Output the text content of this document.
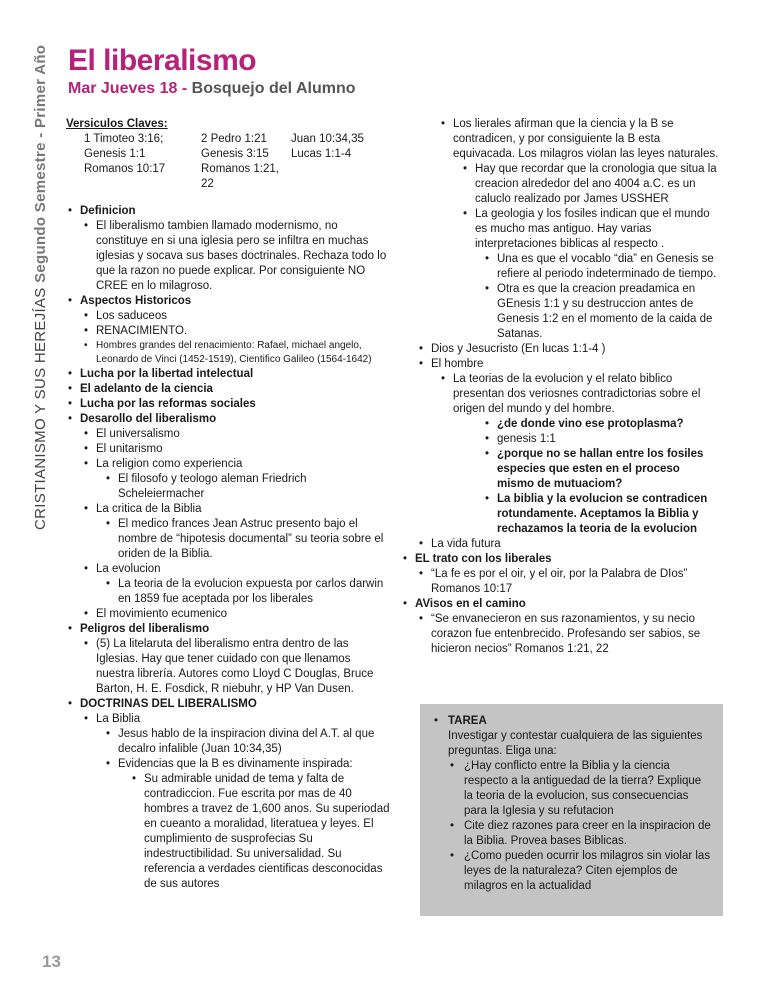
CRISTIANISMO Y SUS HEREJÍAS Segundo Semestre - Primer Año El liberalismo
Mar Jueves 18 - Bosquejo del Alumno
Versiculos Claves:
1 Timoteo 3:16;	2 Pedro 1:21	Juan 10:34,35
Genesis 1:1	Genesis 3:15	Lucas 1:1-4
Romanos 10:17	Romanos 1:21, 22
• Definicion
• El liberalismo tambien llamado modernismo, no constituye en si una iglesia pero se infiltra en muchas iglesias y socava sus bases doctrinales. Rechaza todo lo que la razon no puede explicar. Por consiguiente NO CREE en lo milagroso.
• Aspectos Historicos
• Los saduceos
• RENACIMIENTO.
• Hombres grandes del renacimiento: Rafael, michael angelo, Leonardo de Vinci (1452-1519), Cientifico Galileo (1564-1642)
• Lucha por la libertad intelectual
• El adelanto de la ciencia
• Lucha por las reformas sociales
• Desarollo del liberalismo
• El universalismo
• El unitarismo
• La religion como experiencia
• El filosofo y teologo aleman Friedrich Scheleiermacher
• La critica de la Biblia
• El medico frances Jean Astruc presento bajo el nombre de “hipotesis documental” su teoria sobre el oriden de la Biblia.
• La evolucion
• La teoria de la evolucion expuesta por carlos darwin en 1859 fue aceptada por los liberales
• El movimiento ecumenico
• Peligros del liberalismo
• (5) La litelaruta del liberalismo entra dentro de las Iglesias. Hay que tener cuidado con que llenamos nuestra librería. Autores como Lloyd C Douglas, Bruce Barton, H. E. Fosdick, R niebuhr, y HP Van Dusen.
• DOCTRINAS DEL LIBERALISMO
• La Biblia
• Jesus hablo de la inspiracion divina del A.T. al que decalro infalible (Juan 10:34,35)
• Evidencias que la B es divinamente inspirada:
• Su admirable unidad de tema y falta de contradiccion. Fue escrita por mas de 40 hombres a travez de 1,600 anos. Su superiodad en cueanto a moralidad, literatuea y leyes. El cumplimiento de susprofecias Su indestructibilidad. Su universalidad. Su referencia a verdades cientificas desconocidas de sus autores
• Los lierales afirman que la ciencia y la B se contradicen, y por consiguiente la B esta equivacada. Los milagros violan las leyes naturales.
• Hay que recordar que la cronologia que situa la creacion alrededor del ano 4004 a.C. es un caluclo realizado por James USSHER
• La geologia y los fosiles indican que el mundo es mucho mas antiguo. Hay varias interpretaciones biblicas al respecto .
• Una es que el vocablo “dia” en Genesis se refiere al periodo indeterminado de tiempo.
• Otra es que la creacion preadamica en GEnesis 1:1 y su destruccion antes de Genesis 1:2 en el momento de la caida de Satanas.
• Dios y Jesucristo (En lucas 1:1-4 )
• El hombre
• La teorias de la evolucion y el relato biblico presentan dos veriosnes contradictorias sobre el origen del mundo y del hombre.
• ¿de donde vino ese protoplasma?
• genesis 1:1
• ¿porque no se hallan entre los fosiles especies que esten en el proceso mismo de mutuaciom?
• La biblia y la evolucion se contradicen rotundamente. Aceptamos la Biblia y rechazamos la teoria de la evolucion
• La vida futura
• EL trato con los liberales
• “La fe es por el oir, y el oir, por la Palabra de DIos” Romanos 10:17
• AVisos en el camino
• “Se envanecieron en sus razonamientos, y su necio corazon fue entenbrecido. Profesando ser sabios, se hicieron necios” Romanos 1:21, 22
• TAREA
Investigar y contestar cualquiera de las siguientes preguntas. Eliga una:
• ¿Hay conflicto entre la Biblia y la ciencia respecto a la antiguedad de la tierra? Explique la teoria de la evolucion, sus consecuencias para la Iglesia y su refutacion
• Cite diez razones para creer en la inspiracion de la Biblia. Provea bases Biblicas.
• ¿Como pueden ocurrir los milagros sin violar las leyes de la naturaleza? Citen ejemplos de milagros en la actualidad
13
